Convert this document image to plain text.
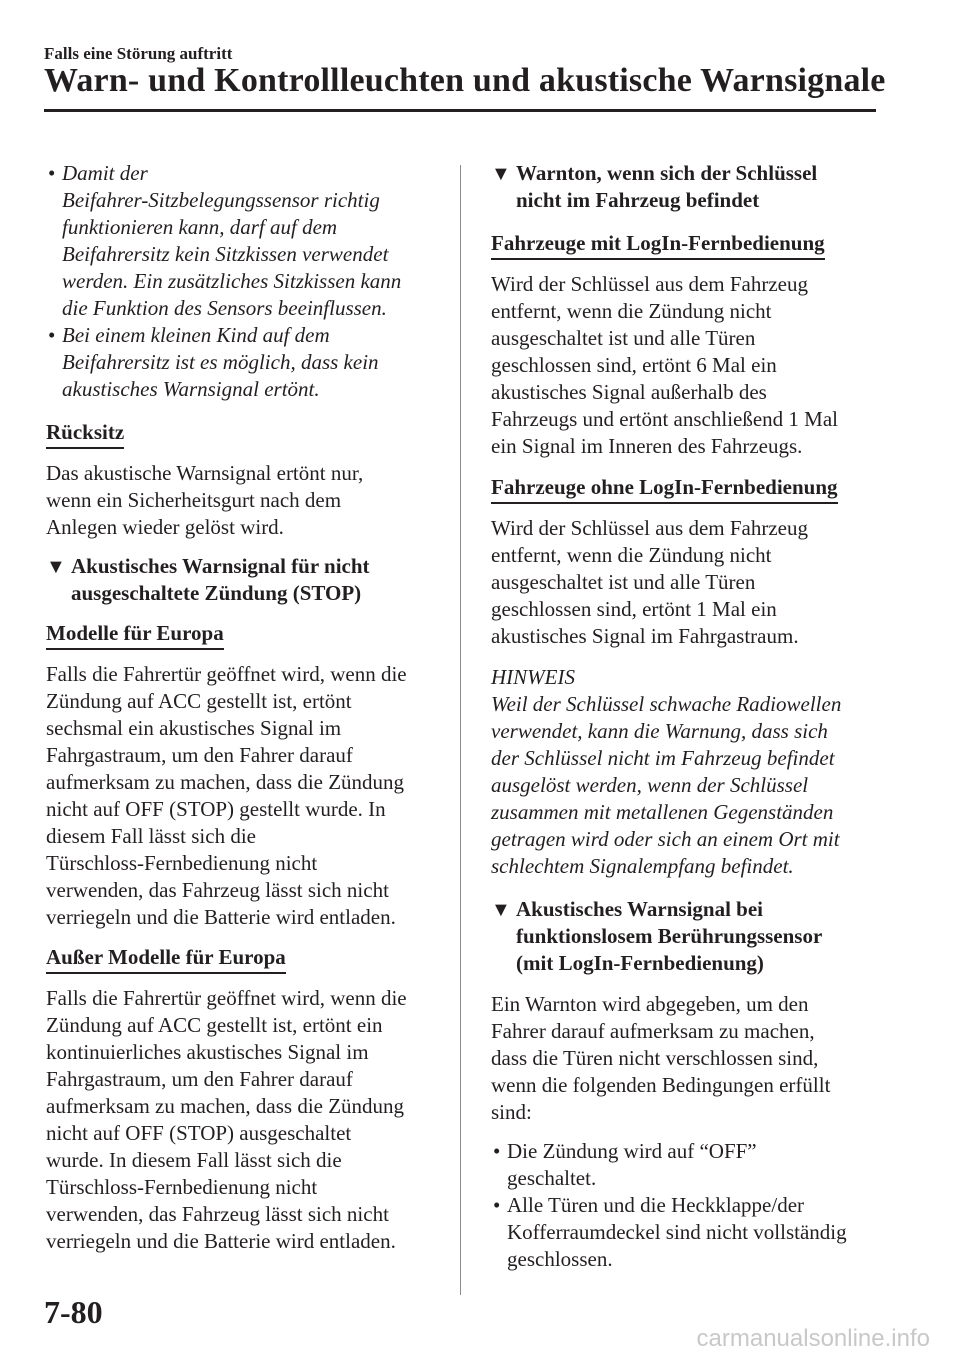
Falls eine Störung auftritt
Warn- und Kontrollleuchten und akustische Warnsignale
• Damit der
Beifahrer-Sitzbelegungssensor richtig
funktionieren kann, darf auf dem
Beifahrersitz kein Sitzkissen verwendet
werden. Ein zusätzliches Sitzkissen kann
die Funktion des Sensors beeinflussen.
• Bei einem kleinen Kind auf dem
Beifahrersitz ist es möglich, dass kein
akustisches Warnsignal ertönt.
Rücksitz

Das akustische Warnsignal ertönt nur,
wenn ein Sicherheitsgurt nach dem
Anlegen wieder gelöst wird.

▼ Akustisches Warnsignal für nicht
ausgeschaltete Zündung (STOP)
Modelle für Europa

Falls die Fahrertür geöffnet wird, wenn die
Zündung auf ACC gestellt ist, ertönt
sechsmal ein akustisches Signal im
Fahrgastraum, um den Fahrer darauf
aufmerksam zu machen, dass die Zündung
nicht auf OFF (STOP) gestellt wurde. In
diesem Fall lässt sich die
Türschloss-Fernbedienung nicht
verwenden, das Fahrzeug lässt sich nicht
verriegeln und die Batterie wird entladen.

Außer Modelle für Europa

Falls die Fahrertür geöffnet wird, wenn die
Zündung auf ACC gestellt ist, ertönt ein
kontinuierliches akustisches Signal im
Fahrgastraum, um den Fahrer darauf
aufmerksam zu machen, dass die Zündung
nicht auf OFF (STOP) ausgeschaltet
wurde. In diesem Fall lässt sich die
Türschloss-Fernbedienung nicht
verwenden, das Fahrzeug lässt sich nicht
verriegeln und die Batterie wird entladen.

▼ Warnton, wenn sich der Schlüssel
nicht im Fahrzeug befindet
Fahrzeuge mit LogIn-Fernbedienung

Wird der Schlüssel aus dem Fahrzeug
entfernt, wenn die Zündung nicht
ausgeschaltet ist und alle Türen
geschlossen sind, ertönt 6 Mal ein
akustisches Signal außerhalb des
Fahrzeugs und ertönt anschließend 1 Mal
ein Signal im Inneren des Fahrzeugs.

Fahrzeuge ohne LogIn-Fernbedienung

Wird der Schlüssel aus dem Fahrzeug
entfernt, wenn die Zündung nicht
ausgeschaltet ist und alle Türen
geschlossen sind, ertönt 1 Mal ein
akustisches Signal im Fahrgastraum.

HINWEIS

Weil der Schlüssel schwache Radiowellen
verwendet, kann die Warnung, dass sich
der Schlüssel nicht im Fahrzeug befindet
ausgelöst werden, wenn der Schlüssel
zusammen mit metallenen Gegenständen
getragen wird oder sich an einem Ort mit
schlechtem Signalempfang befindet.

▼ Akustisches Warnsignal bei
funktionslosem Berührungssensor
(mit LogIn-Fernbedienung)

Ein Warnton wird abgegeben, um den
Fahrer darauf aufmerksam zu machen,
dass die Türen nicht verschlossen sind,
wenn die folgenden Bedingungen erfüllt
sind:

• Die Zündung wird auf “OFF”
geschaltet.
• Alle Türen und die Heckklappe/der
Kofferraumdeckel sind nicht vollständig
geschlossen.
7-80
carmanualsonline.info
